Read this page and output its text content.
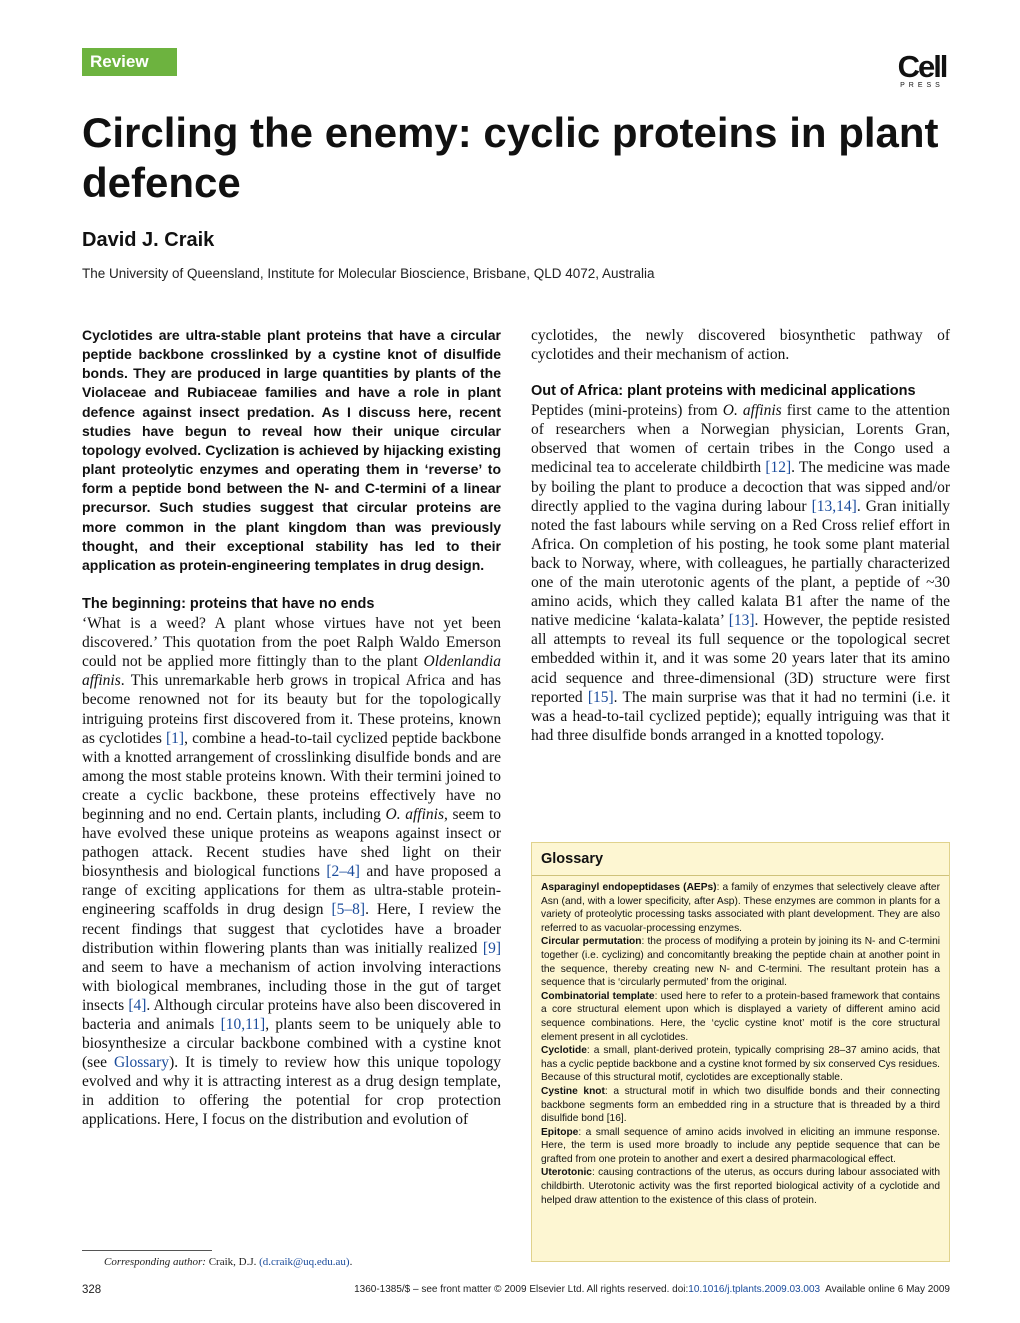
Review	Cell
PRESS
Circling the enemy: cyclic proteins in plant defence
David J. Craik
The University of Queensland, Institute for Molecular Bioscience, Brisbane, QLD 4072, Australia

Cyclotides are ultra-stable plant proteins that have a circular peptide backbone crosslinked by a cystine knot of disulfide bonds. They are produced in large quantities by plants of the Violaceae and Rubiaceae families and have a role in plant defence against insect predation. As I discuss here, recent studies have begun to reveal how their unique circular topology evolved. Cyclization is achieved by hijacking existing plant proteolytic enzymes and operating them in ‘reverse’ to form a peptide bond between the N- and C-termini of a linear precursor. Such studies suggest that circular proteins are more common in the plant kingdom than was previously thought, and their exceptional stability has led to their application as protein-engineering templates in drug design.

The beginning: proteins that have no ends

‘What is a weed? A plant whose virtues have not yet been discovered.’ This quotation from the poet Ralph Waldo Emerson could not be applied more fittingly than to the plant Oldenlandia affinis. This unremarkable herb grows in tropical Africa and has become renowned not for its beauty but for the topologically intriguing proteins first discovered from it. These proteins, known as cyclotides [1], combine a head-to-tail cyclized peptide backbone with a knotted arrangement of crosslinking disulfide bonds and are among the most stable proteins known. With their termini joined to create a cyclic backbone, these proteins effectively have no beginning and no end. Certain plants, including O. affinis, seem to have evolved these unique proteins as weapons against insect or pathogen attack. Recent studies have shed light on their biosynthesis and biological functions [2–4] and have proposed a range of exciting applications for them as ultra-stable protein-engineering scaffolds in drug design [5–8]. Here, I review the recent findings that suggest that cyclotides have a broader distribution within flowering plants than was initially realized [9] and seem to have a mechanism of action involving interactions with biological membranes, including those in the gut of target insects [4]. Although circular proteins have also been discovered in bacteria and animals [10,11], plants seem to be uniquely able to biosynthesize a circular backbone combined with a cystine knot (see Glossary). It is timely to review how this unique topology evolved and why it is attracting interest as a drug design template, in addition to offering the potential for crop protection applications. Here, I focus on the distribution and evolution of

cyclotides, the newly discovered biosynthetic pathway of cyclotides and their mechanism of action.

Out of Africa: plant proteins with medicinal applications

Peptides (mini-proteins) from O. affinis first came to the attention of researchers when a Norwegian physician, Lorents Gran, observed that women of certain tribes in the Congo used a medicinal tea to accelerate childbirth [12]. The medicine was made by boiling the plant to produce a decoction that was sipped and/or directly applied to the vagina during labour [13,14]. Gran initially noted the fast labours while serving on a Red Cross relief effort in Africa. On completion of his posting, he took some plant material back to Norway, where, with colleagues, he partially characterized one of the main uterotonic agents of the plant, a peptide of ~30 amino acids, which they called kalata B1 after the name of the native medicine ‘kalata-kalata’ [13]. However, the peptide resisted all attempts to reveal its full sequence or the topological secret embedded within it, and it was some 20 years later that its amino acid sequence and three-dimensional (3D) structure were first reported [15]. The main surprise was that it had no termini (i.e. it was a head-to-tail cyclized peptide); equally intriguing was that it had three disulfide bonds arranged in a knotted topology.

Glossary

Asparaginyl endopeptidases (AEPs): a family of enzymes that selectively cleave after Asn (and, with a lower specificity, after Asp). These enzymes are common in plants for a variety of proteolytic processing tasks associated with plant development. They are also referred to as vacuolar-processing enzymes.

Circular permutation: the process of modifying a protein by joining its N- and C-termini together (i.e. cyclizing) and concomitantly breaking the peptide chain at another point in the sequence, thereby creating new N- and C-termini. The resultant protein has a sequence that is ‘circularly permuted’ from the original.

Combinatorial template: used here to refer to a protein-based framework that contains a core structural element upon which is displayed a variety of different amino acid sequence combinations. Here, the ‘cyclic cystine knot’ motif is the core structural element present in all cyclotides.

Cyclotide: a small, plant-derived protein, typically comprising 28–37 amino acids, that has a cyclic peptide backbone and a cystine knot formed by six conserved Cys residues. Because of this structural motif, cyclotides are exceptionally stable.

Cystine knot: a structural motif in which two disulfide bonds and their connecting backbone segments form an embedded ring in a structure that is threaded by a third disulfide bond [16].

Epitope: a small sequence of amino acids involved in eliciting an immune response. Here, the term is used more broadly to include any peptide sequence that can be grafted from one protein to another and exert a desired pharmacological effect.

Uterotonic: causing contractions of the uterus, as occurs during labour associated with childbirth. Uterotonic activity was the first reported biological activity of a cyclotide and helped draw attention to the existence of this class of protein.

Corresponding author: Craik, D.J. (d.craik@uq.edu.au).
328	1360-1385/$ – see front matter © 2009 Elsevier Ltd. All rights reserved. doi:10.1016/j.tplants.2009.03.003  Available online 6 May 2009
